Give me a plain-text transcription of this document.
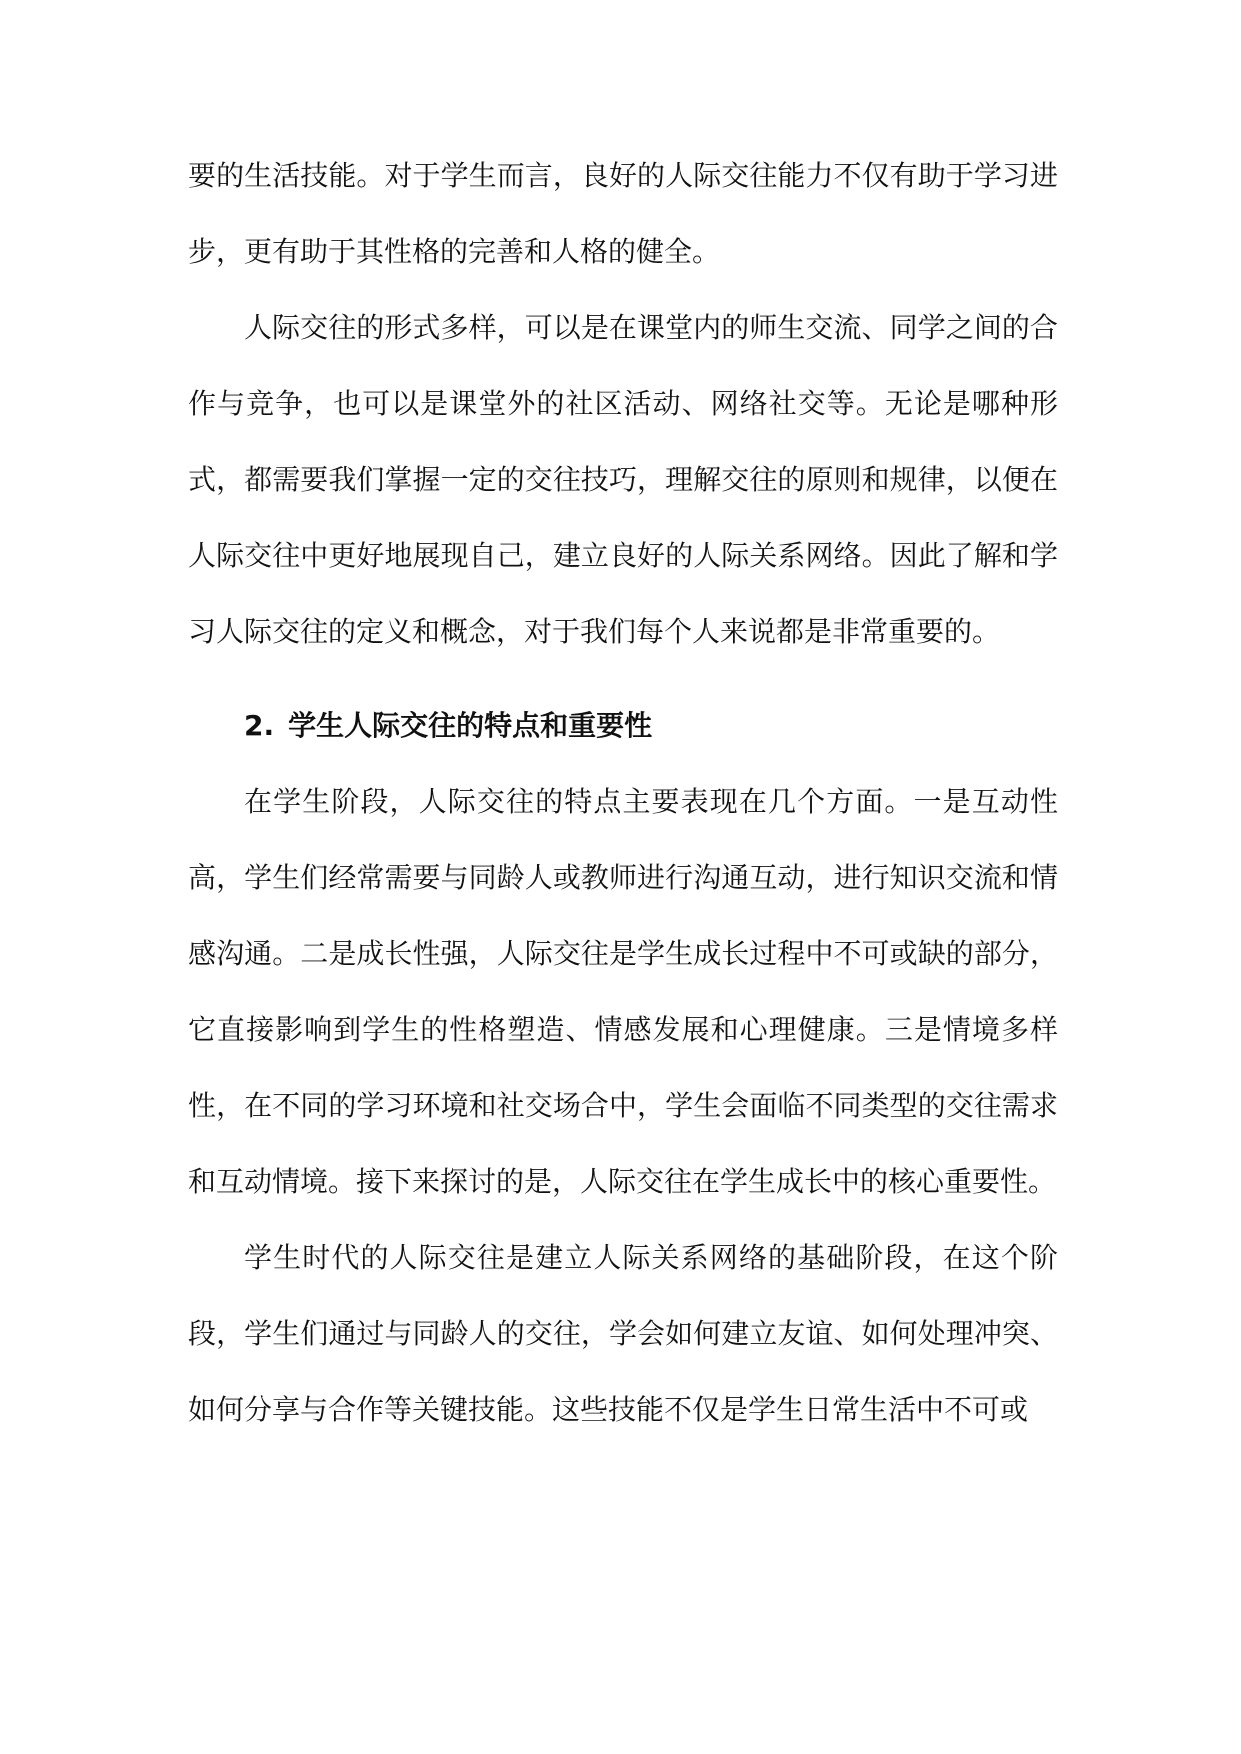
要的生活技能。对于学生而言，良好的人际交往能力不仅有助于学习进步，更有助于其性格的完善和人格的健全。

人际交往的形式多样，可以是在课堂内的师生交流、同学之间的合作与竞争，也可以是课堂外的社区活动、网络社交等。无论是哪种形式，都需要我们掌握一定的交往技巧，理解交往的原则和规律，以便在人际交往中更好地展现自己，建立良好的人际关系网络。因此了解和学习人际交往的定义和概念，对于我们每个人来说都是非常重要的。

2. 学生人际交往的特点和重要性

在学生阶段，人际交往的特点主要表现在几个方面。一是互动性高，学生们经常需要与同龄人或教师进行沟通互动，进行知识交流和情感沟通。二是成长性强，人际交往是学生成长过程中不可或缺的部分，它直接影响到学生的性格塑造、情感发展和心理健康。三是情境多样性，在不同的学习环境和社交场合中，学生会面临不同类型的交往需求和互动情境。接下来探讨的是，人际交往在学生成长中的核心重要性。

学生时代的人际交往是建立人际关系网络的基础阶段，在这个阶段，学生们通过与同龄人的交往，学会如何建立友谊、如何处理冲突、如何分享与合作等关键技能。这些技能不仅是学生日常生活中不可或
